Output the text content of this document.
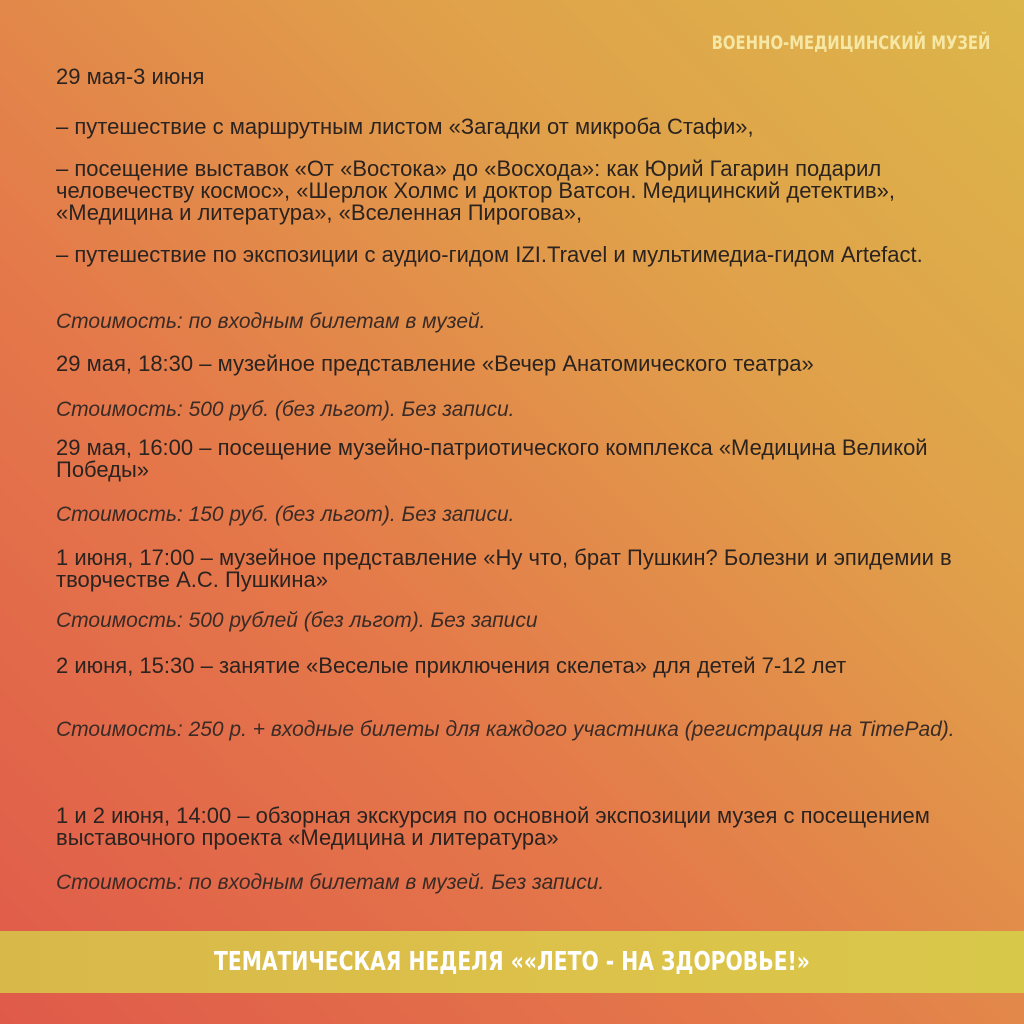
ВОЕННО-МЕДИЦИНСКИЙ МУЗЕЙ

29 мая-3 июня

– путешествие с маршрутным листом «Загадки от микроба Стафи»,

– посещение выставок «От «Востока» до «Восхода»: как Юрий Гагарин подарил человечеству космос», «Шерлок Холмс и доктор Ватсон. Медицинский детектив», «Медицина и литература», «Вселенная Пирогова»,

– путешествие по экспозиции с аудио-гидом IZI.Travel и мультимедиа-гидом Artefact.

Стоимость: по входным билетам в музей.

29 мая, 18:30 – музейное представление «Вечер Анатомического театра»

Стоимость: 500 руб. (без льгот). Без записи.

29 мая, 16:00 – посещение музейно-патриотического комплекса «Медицина Великой Победы»

Стоимость: 150 руб. (без льгот). Без записи.

1 июня, 17:00 – музейное представление «Ну что, брат Пушкин? Болезни и эпидемии в творчестве А.С. Пушкина»

Стоимость: 500 рублей (без льгот). Без записи

2 июня, 15:30 – занятие «Веселые приключения скелета» для детей 7-12 лет

Стоимость: 250 р. + входные билеты для каждого участника (регистрация на TimePad).

1 и 2 июня, 14:00 – обзорная экскурсия по основной экспозиции музея с посещением выставочного проекта «Медицина и литература»

Стоимость: по входным билетам в музей. Без записи.

ТЕМАТИЧЕСКАЯ НЕДЕЛЯ ««ЛЕТО - НА ЗДОРОВЬЕ!»
